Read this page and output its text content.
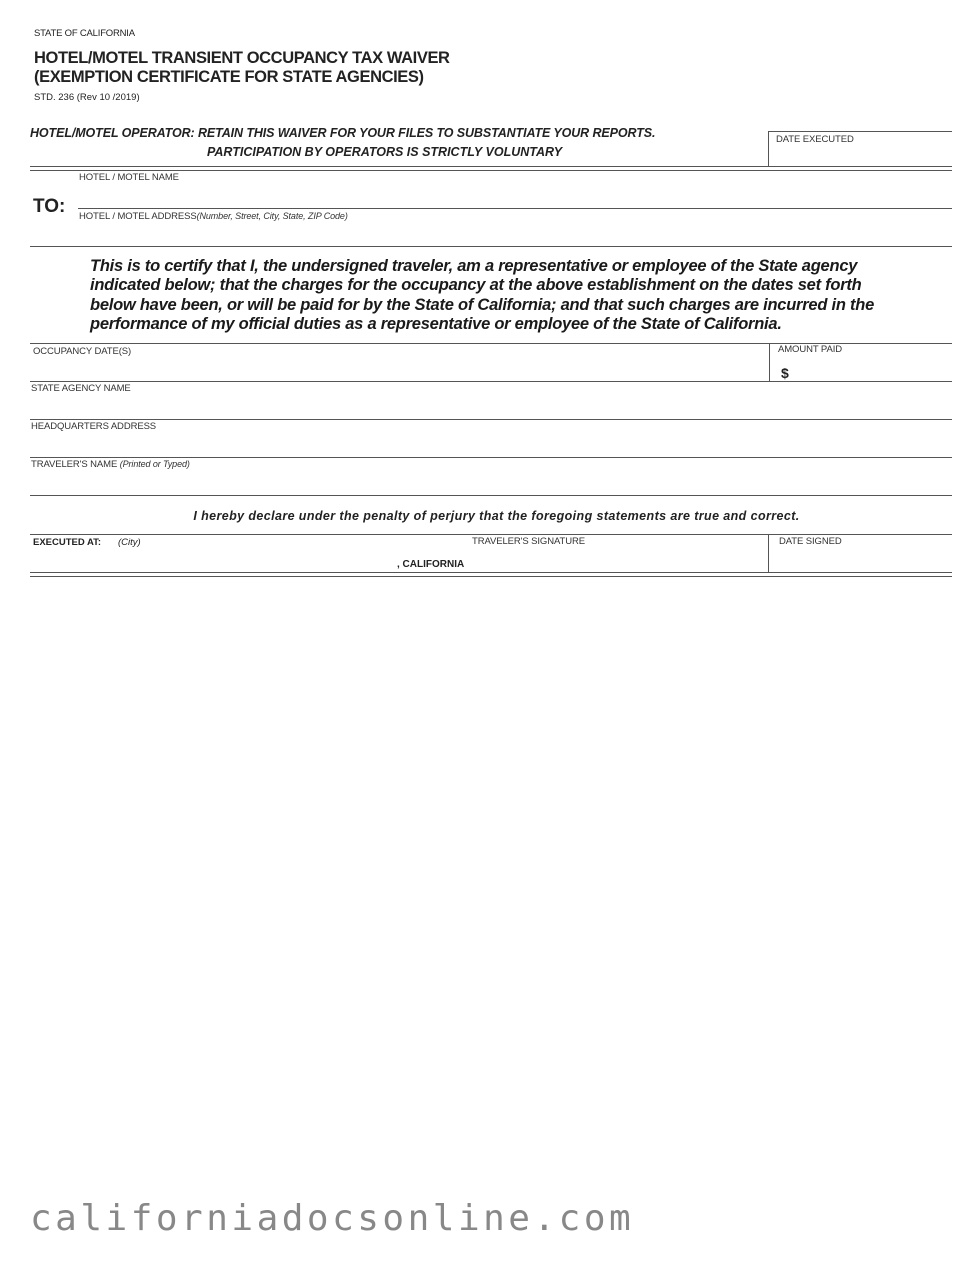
STATE OF CALIFORNIA
HOTEL/MOTEL TRANSIENT OCCUPANCY TAX WAIVER
(EXEMPTION CERTIFICATE FOR STATE AGENCIES)
STD. 236 (Rev 10 /2019)
HOTEL/MOTEL OPERATOR: RETAIN THIS WAIVER FOR YOUR FILES TO SUBSTANTIATE YOUR REPORTS.
PARTICIPATION BY OPERATORS IS STRICTLY VOLUNTARY
DATE EXECUTED
HOTEL / MOTEL NAME
TO: HOTEL / MOTEL ADDRESS(Number, Street, City, State, ZIP Code)
This is to certify that I, the undersigned traveler, am a representative or employee of the State agency indicated below; that the charges for the occupancy at the above establishment on the dates set forth below have been, or will be paid for by the State of California; and that such charges are incurred in the performance of my official duties as a representative or employee of the State of California.
OCCUPANCY DATE(S)	AMOUNT PAID
$
STATE AGENCY NAME
HEADQUARTERS ADDRESS
TRAVELER'S NAME (Printed or Typed)
I hereby declare under the penalty of perjury that the foregoing statements are true and correct.
EXECUTED AT: (City)	TRAVELER'S SIGNATURE
, CALIFORNIA
DATE SIGNED
californiadocsonline.com
